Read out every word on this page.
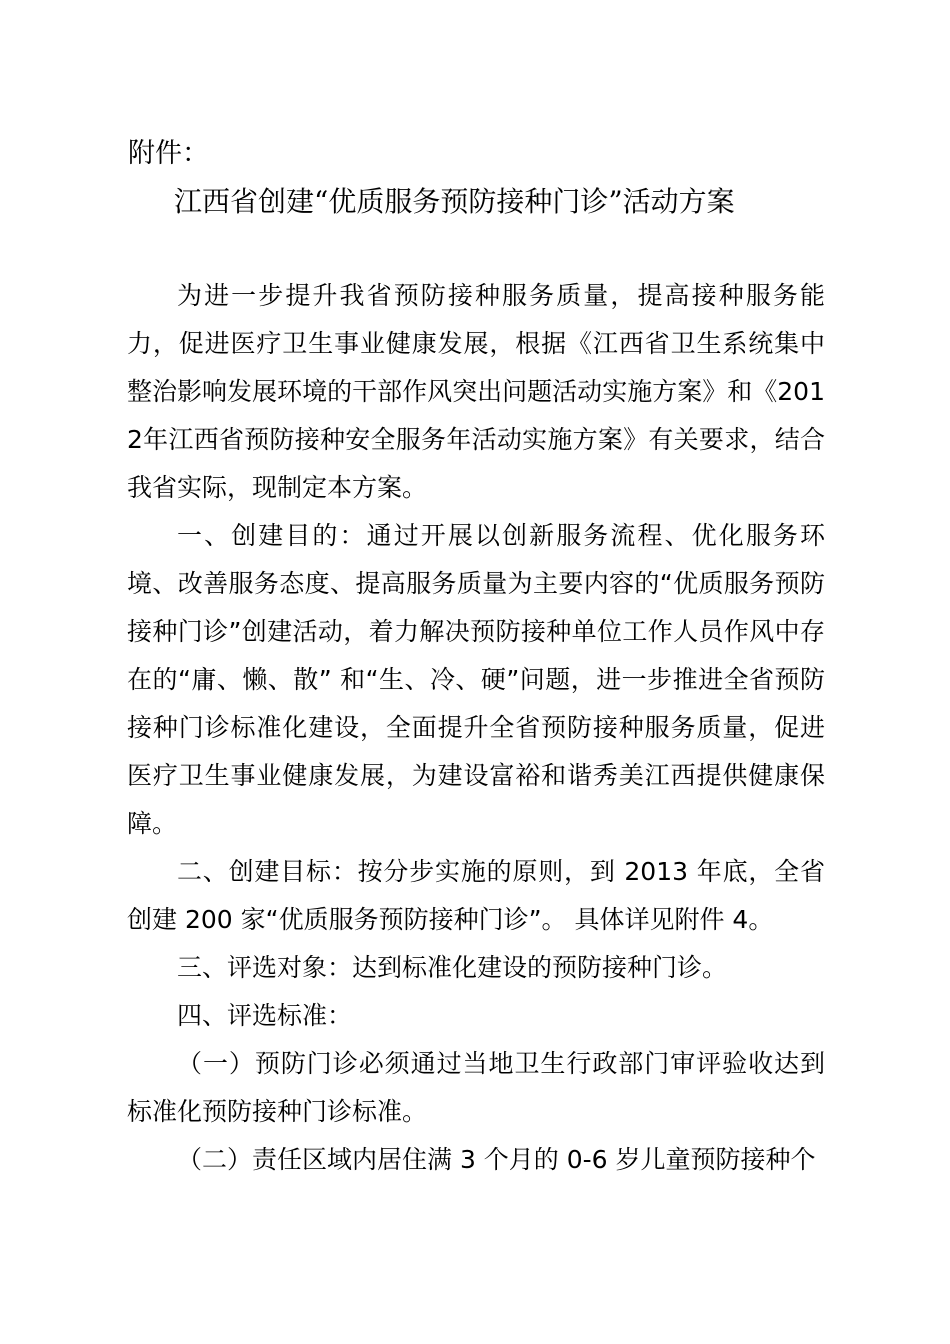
附件：
江西省创建“优质服务预防接种门诊”活动方案

为进一步提升我省预防接种服务质量，提高接种服务能力，促进医疗卫生事业健康发展，根据《江西省卫生系统集中整治影响发展环境的干部作风突出问题活动实施方案》和《2012年江西省预防接种安全服务年活动实施方案》有关要求，结合我省实际，现制定本方案。

一、创建目的：通过开展以创新服务流程、优化服务环境、改善服务态度、提高服务质量为主要内容的“优质服务预防接种门诊”创建活动，着力解决预防接种单位工作人员作风中存在的“庸、懒、散” 和“生、冷、硬”问题，进一步推进全省预防接种门诊标准化建设，全面提升全省预防接种服务质量，促进医疗卫生事业健康发展，为建设富裕和谐秀美江西提供健康保障。

二、创建目标：按分步实施的原则，到 2013 年底，全省创建 200 家“优质服务预防接种门诊”。 具体详见附件 4。

三、评选对象：达到标准化建设的预防接种门诊。

四、评选标准：

（一）预防门诊必须通过当地卫生行政部门审评验收达到标准化预防接种门诊标准。

（二）责任区域内居住满 3 个月的 0-6 岁儿童预防接种个
